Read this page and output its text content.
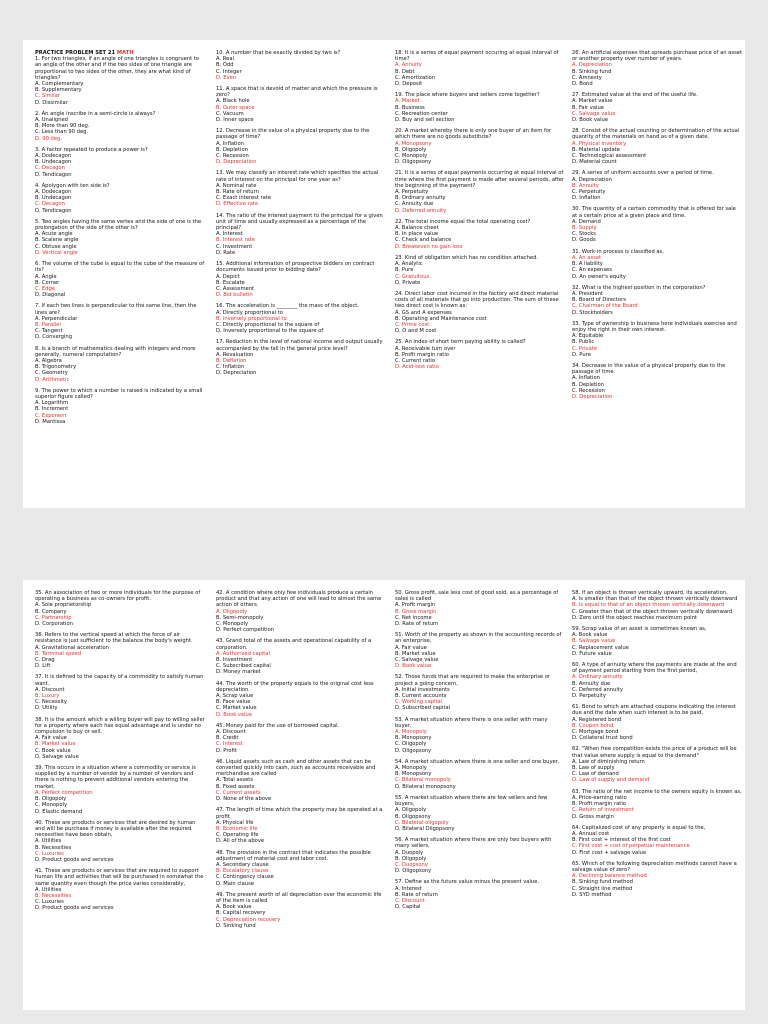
PRACTICE PROBLEM SET 21 MATH

1. For two triangles, if an angle of one triangles is congruent to an angle of the other and if the two sides of one triangle are proportional to two sides of the other, they are what kind of triangles?

A. Complementary

B. Supplementary

C. Similar

D. Dissimilar

2. An angle inscribe in a semi-circle is always?

A. Unaligned

B. More than 90 deg.

C. Less than 90 deg.

D. 90 deg.

3. A factor repeated to produce a power is?

A. Dodecagon

B. Undecagon

C. Decagon

D. Tendicagon

4. Apolygon with ten side is?

A. Dodecagon

B. Undecagon

C. Decagon

D. Tendicagon

5. Two angles having the same vertex and the side of one is the prolongation of the side of the other is?

A. Acute angle

B. Scalene angle

C. Obtuse angle

D. Vertical angle

6. The volume of the cube is equal to the cube of the measure of its?

A. Angle

B. Corner

C. Edge

D. Diagonal

7. If each two lines is perpendicular to the same line, then the lines are?

A. Perpendicular

B. Parallel

C. Tangent

D. Converging

8. Is a branch of mathematics dealing with integers and more generally, numeral computation?

A. Algebra

B. Trigonometry

C. Geometry

D. Arithmetic

9. The power to which a number is raised is indicated by a small superior figure called?

A. Logarithm

B. Increment

C. Exponent

D. Mantissa

10. A number that be exactly divided by two is?

A. Real

B. Odd

C. Integer

D. Even

11. A space that is devoid of matter and which the pressure is zero?

A. Black hole

B. Outer space

C. Vacuum

D. Inner space

12. Decrease in the value of a physical property due to the passage of time?

A. Inflation

B. Depletion

C. Recession

D. Depreciation

13. We may classify an interest rate which specifies the actual rate of interest on the principal for one year as?

A. Nominal rate

B. Rate of return

C. Exact interest rate

D. Effective rate

14. The ratio of the interest payment to the principal for a given unit of time and usually expressed as a percentage of the principal?

A. Interest

B. Interest rate

C. Investment

D. Rate

15. Additional information of prospective bidders on contract documents issued prior to bidding date?

A. Depict

B. Escalate

C. Assessment

D. Bid bulletin

16. The acceleration is ________ the mass of the object.

A. Directly proportional to

B. Inversely proportional to

C. Directly proportional to the square of

D. Inversely proportional to the square of

17. Reduction in the level of national income and output usually accompanied by the fall in the general price level?

A. Revaluation

B. Deflation

C. Inflation

D. Depreciation

18. It is a series of equal payment occuring at equal interval of time?

A. Annuity

B. Debt

C. Amortization

D. Deposit

19. The place where buyers and sellers come together?

A. Market

B. Business

C. Recreation center

D. Buy and sell section

20. A market whereby there is only one buyer of an item for which there are no goods substitute?

A. Monopsony

B. Oligopoly

C. Monopoly

D. Oligopsony

21. It is a series of equal payments occurring at equal interval of time where the first payment is made after several periods, after the beginning of the payment?

A. Perpetuity

B. Ordinary annuity

C. Annuity due

D. Deferred annuity

22. The total income equal the total operating cost?

A. Balance cheet

B. In place value

C. Check and balance

D. Breakeven no gain loss

23. Kind of obligation which has no condition attached.

A. Analytic

B. Pure

C. Gratuitous

D. Private

24. Direct labor cost incurred in the factory and direct material costs of all materials that go into production. The sum of these two direct cost is known as:

A. GS and A expenses

B. Operating and Maintenance cost

C. Prime cost

D. O and M cost

25. An index of short term paying ability is called?

A. Receivable turn over

B. Profit margin ratio

C. Current ratio

D. Acid-test ratio

26. An artificial expenses that spreads purchase price of an asset or another property over number of years.

A. Depreciation

B. Sinking fund

C. Amnesty

D. Bond

27. Estimated value at the end of the useful life.

A. Market value

B. Fair value

C. Salvage value

D. Book value

28. Consist of the actual counting or determination of the actual quantity of the materials on hand as of a given date.

A. Physical inventory

B. Material update

C. Technological assessment

D. Material count

29. A series of uniform accounts over a period of time.

A. Depreciation

B. Annuity

C. Perpetuity

D. Inflation

30. The quantity of a certain commodity that is offered for sale at a certain price at a given place and time.

A. Demand

B. Supply

C. Stocks

D. Goods

31. Work-in process is classified as,

A. An asset

B. A liability

C. An expenses

D. An owner's equity

32. What is the highest position in the corporation?

A. President

B. Board of Directors

C. Chairman of the Board

D. Stockholders

33. Type of ownership in business here individuals exercise and enjoy the right in their own interest.

A. Equitable

B. Public

C. Private

D. Pure

34. Decrease in the value of a physical property due to the passage of time.

A. Inflation

B. Depletion

C. Recession

D. Depreciation

35. An association of two or more individuals for the purpose of operating a business as co-owners for profit.

A. Sole proprietorship

B. Company

C. Partnership

D. Corporation

36. Refers to the vertical speed at which the force of air resistance is just sufficient to the balance the body's weight.

A. Gravitational acceleration

B. Terminal speed

C. Drag

D. Lift

37. It is defined to the capacity of a commodity to satisfy human want.

A. Discount

B. Luxury

C. Necessity

D. Utility

38. It is the amount which a willing buyer will pay to willing seller for a property where each has equal advantage and is under no compulsion to buy or sell.

A. Fair value

B. Market value

C. Book value

D. Salvage value

39. This occurs in a situation where a commodity or service is supplied by a number of vendor by a number of vendors and there is nothing to prevent additional vendors entering the market.

A. Perfect competition

B. Oligopoly

C. Monopoly

D. Elastic demand

40. These are products or services that are desired by human and will be purchase if money is available after the required necessities have been obtain,

A. Utilities

B. Necessities

C. Luxuries

D. Product goods and services

41. These are products or services that are required to support human life and activities that will be purchased in somewhat the same quantity even though the price varies considerably,

A. Utilities

B. Necessities

C. Luxuries

D. Product goods and services

42. A condition where only few individuals produce a certain product and that any action of one will lead to almost the same action of others.

A. Oligopoly

B. Semi-monopoly

C. Monopoly

D. Perfect competition

43. Grand total of the assets and operational capability of a corporation.

A. Authorized capital

B. Investment

C. Subscribed capital

D. Money market

44. The worth of the property equals to the original cost less depreciation.

A. Scrap value

B. Face value

C. Market value

D. Book value

45. Money paid for the use of borrowed capital.

A. Discount

B. Credit

C. Interest

D. Profit

46. Liquid assets such as cash and other assets that can be converted quickly into cash, such as accounts receivable and merchandise are called

A. Total assets

B. Fixed assets

C. Current assets

D. None of the above

47. The length of time which the property may be operated at a profit

A. Physical life

B. Economic life

C. Operating life

D. All of the above

48. The provision in the contract that indicates the possible adjustment of material cost and labor cost.

A. Secondary clause

B. Escalatory clause

C. Contingency clause

D. Main clause

49. The present worth of all depreciation over the economic life of the item is called

A. Book value

B. Capital recovery

C. Depreciation recovery

D. Sinking fund

50. Gross profit, sale less cost of good sold, as a percentage of sales is called

A. Profit margin

B. Gross margin

C. Net income

D. Rate of return

51. Worth of the property as shown in the accounting records of an enterprise,

A. Fair value

B. Market value

C. Salvage value

D. Book value

52. Those funds that are required to make the enterprise or project a going concern,

A. Initial investments

B. Current accounts

C. Working capital

D. Subscribed capital

53. A market situation where there is one seller with many buyer,

A. Monopoly

B. Monopsony

C. Oligopoly

D. Oligopsony

54. A market situation where there is one seller and one buyer,

A. Monopoly

B. Monopsony

C. Bilateral monopoly

D. Bilateral monopsony

55. A market situation where there are few sellers and few buyers,

A. Oligopoly

B. Oligopsony

C. Bilateral oligopoly

D. Bilateral Oligopsony

56. A market situation where there are only two buyers with many sellers,

A. Duopoly

B. Oligopoly

C. Duopsony

D. Oligopsony

57. Define as the future value minus the present value.

A. Interest

B. Rate of return

C. Discount

D. Capital

58. If an object is thrown vertically upward, its acceleration.

A. Is smaller than that of the object thrown vertically downward

B. Is equal to that of an object thrown vertically downward

C. Greater than that of the object thrown vertically downward

D. Zero until the object reaches maximum point

59. Scrap value of an asset is sometimes known as,

A. Book value

B. Salvage value

C. Replacement value

D. Future value

60. A type of annuity where the payments are made at the end of payment period starting from the first period,

A. Ordinary annuity

B. Annuity due

C. Deferred annuity

D. Perpetuity

61. Bond to which are attached coupons indicating the interest due and the date when such interest is to be paid,

A. Registered bond

B. Coupon bond

C. Mortgage bond

D. Collateral trust bond

62. "When free competition exists the price of a product will be that value where supply is equal to the demand"

A. Law of diminishing return

B. Law of supply

C. Law of demand

D. Law of supply and demand

63. The ratio of the net income to the owners equity is known as,

A. Price-earning ratio

B. Profit margin ratio

C. Return of investment

D. Gross margin

64. Capitalized cost of any property is equal to the,

A. Annual cost

B. First cost + interest of the first cost

C. First cost + cost of perpetual maintenance

D. First cost + salvage value

65. Which of the following depreciation methods cannot have a salvage value of zero?

A. Declining balance method

B. Sinking fund method

C. Straight line method

D. SYD method
